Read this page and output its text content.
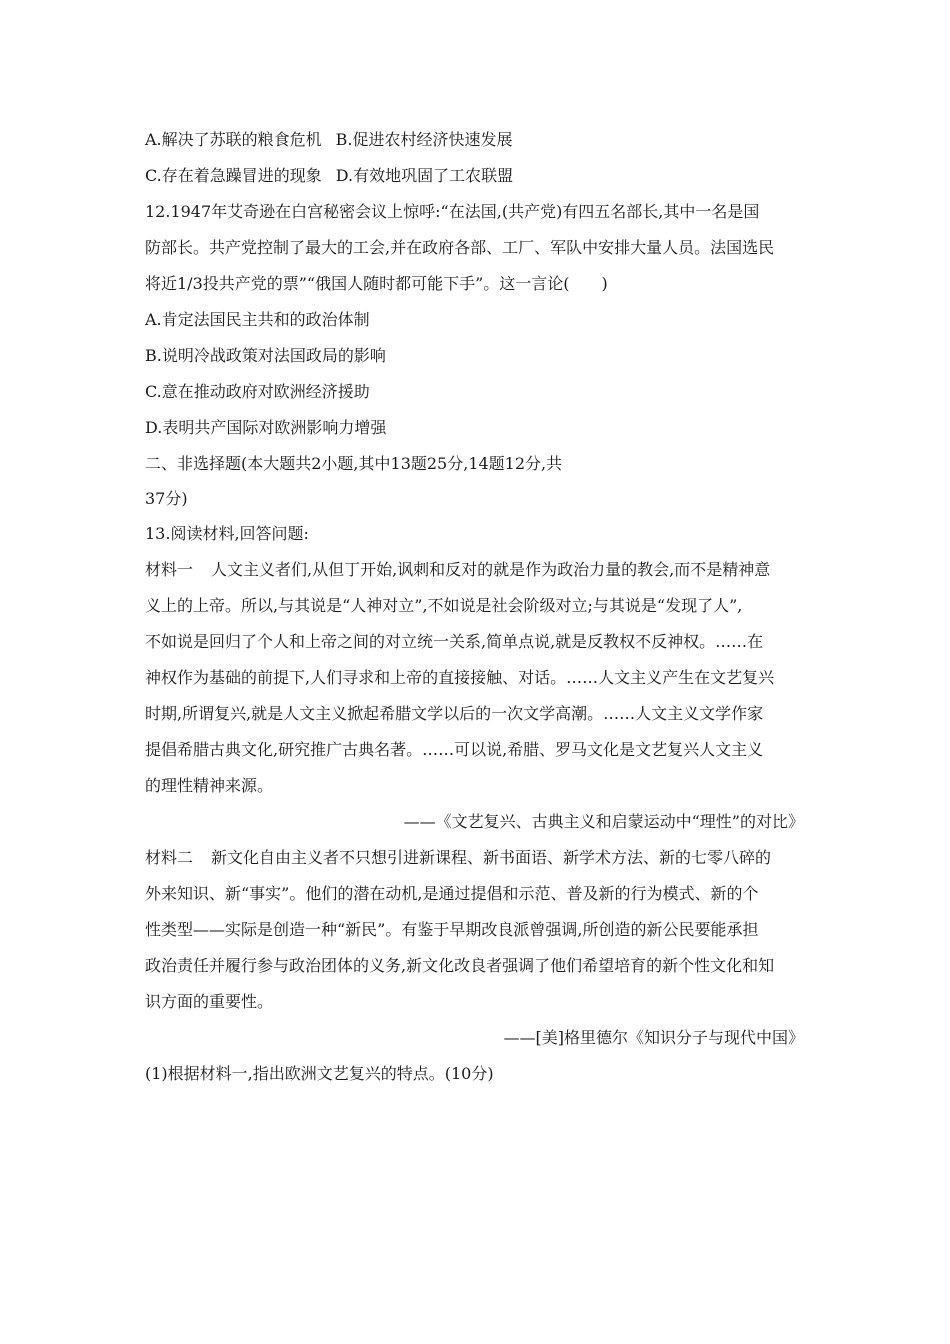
A.解决了苏联的粮食危机 B.促进农村经济快速发展
C.存在着急躁冒进的现象 D.有效地巩固了工农联盟
12.1947年艾奇逊在白宫秘密会议上惊呼:“在法国,(共产党)有四五名部长,其中一名是国
防部长。共产党控制了最大的工会,并在政府各部、工厂、军队中安排大量人员。法国选民
将近1/3投共产党的票”“俄国人随时都可能下手”。这一言论(　　)
A.肯定法国民主共和的政治体制
B.说明冷战政策对法国政局的影响
C.意在推动政府对欧洲经济援助
D.表明共产国际对欧洲影响力增强
二、非选择题(本大题共2小题,其中13题25分,14题12分,共
37分)
13.阅读材料,回答问题:
材料一 人文主义者们,从但丁开始,讽刺和反对的就是作为政治力量的教会,而不是精神意
义上的上帝。所以,与其说是“人神对立”,不如说是社会阶级对立;与其说是“发现了人”,
不如说是回归了个人和上帝之间的对立统一关系,简单点说,就是反教权不反神权。……在
神权作为基础的前提下,人们寻求和上帝的直接接触、对话。……人文主义产生在文艺复兴
时期,所谓复兴,就是人文主义掀起希腊文学以后的一次文学高潮。……人文主义文学作家
提倡希腊古典文化,研究推广古典名著。……可以说,希腊、罗马文化是文艺复兴人文主义
的理性精神来源。
——《文艺复兴、古典主义和启蒙运动中“理性”的对比》
材料二 新文化自由主义者不只想引进新课程、新书面语、新学术方法、新的七零八碎的
外来知识、新“事实”。他们的潜在动机,是通过提倡和示范、普及新的行为模式、新的个
性类型——实际是创造一种“新民”。有鉴于早期改良派曾强调,所创造的新公民要能承担
政治责任并履行参与政治团体的义务,新文化改良者强调了他们希望培育的新个性文化和知
识方面的重要性。
——[美]格里德尔《知识分子与现代中国》
(1)根据材料一,指出欧洲文艺复兴的特点。(10分)
